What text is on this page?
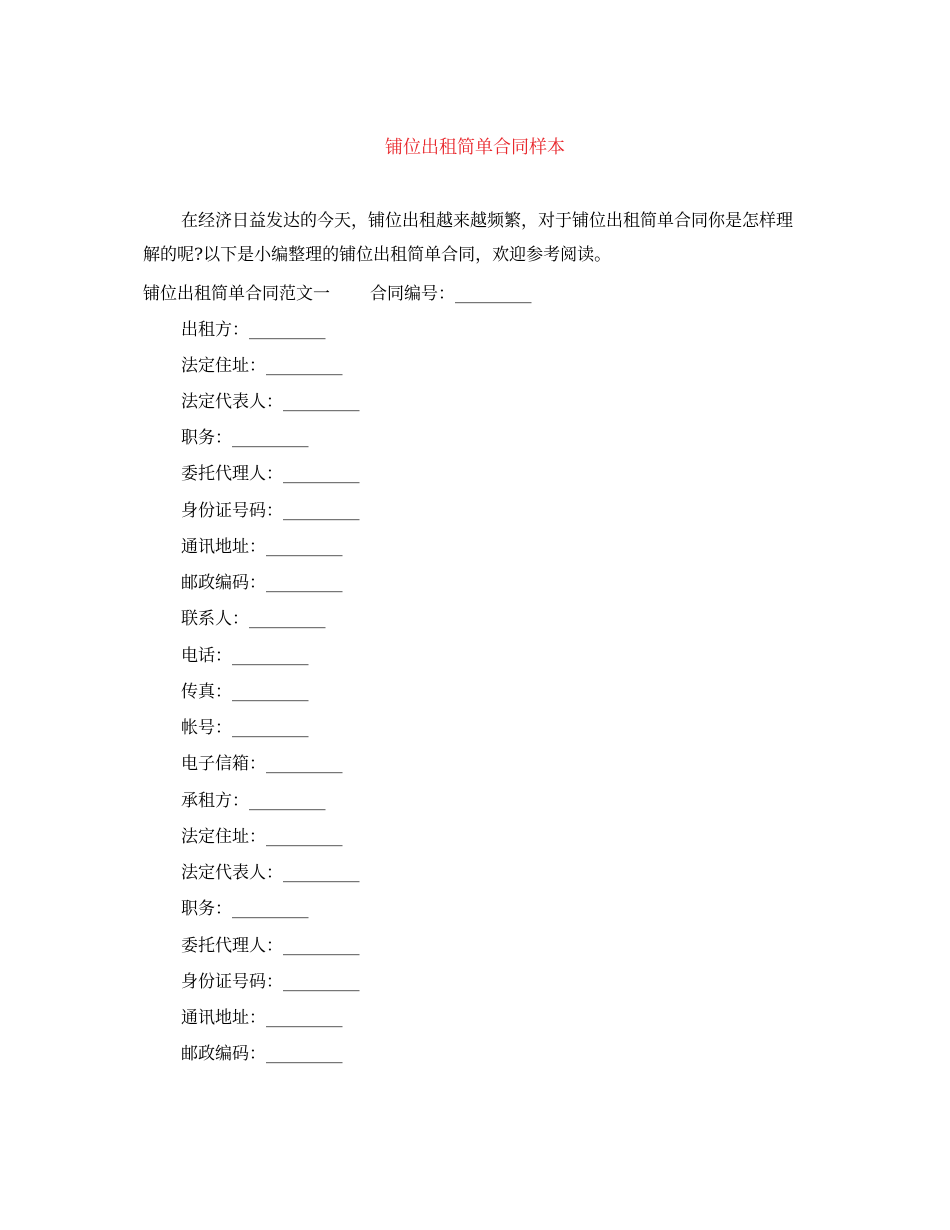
铺位出租简单合同样本
在经济日益发达的今天，铺位出租越来越频繁，对于铺位出租简单合同你是怎样理解的呢?以下是小编整理的铺位出租简单合同，欢迎参考阅读。
铺位出租简单合同范文一 合同编号：_________
出租方：_________
法定住址：_________
法定代表人：_________
职务：_________
委托代理人：_________
身份证号码：_________
通讯地址：_________
邮政编码：_________
联系人：_________
电话：_________
传真：_________
帐号：_________
电子信箱：_________
承租方：_________
法定住址：_________
法定代表人：_________
职务：_________
委托代理人：_________
身份证号码：_________
通讯地址：_________
邮政编码：_________
